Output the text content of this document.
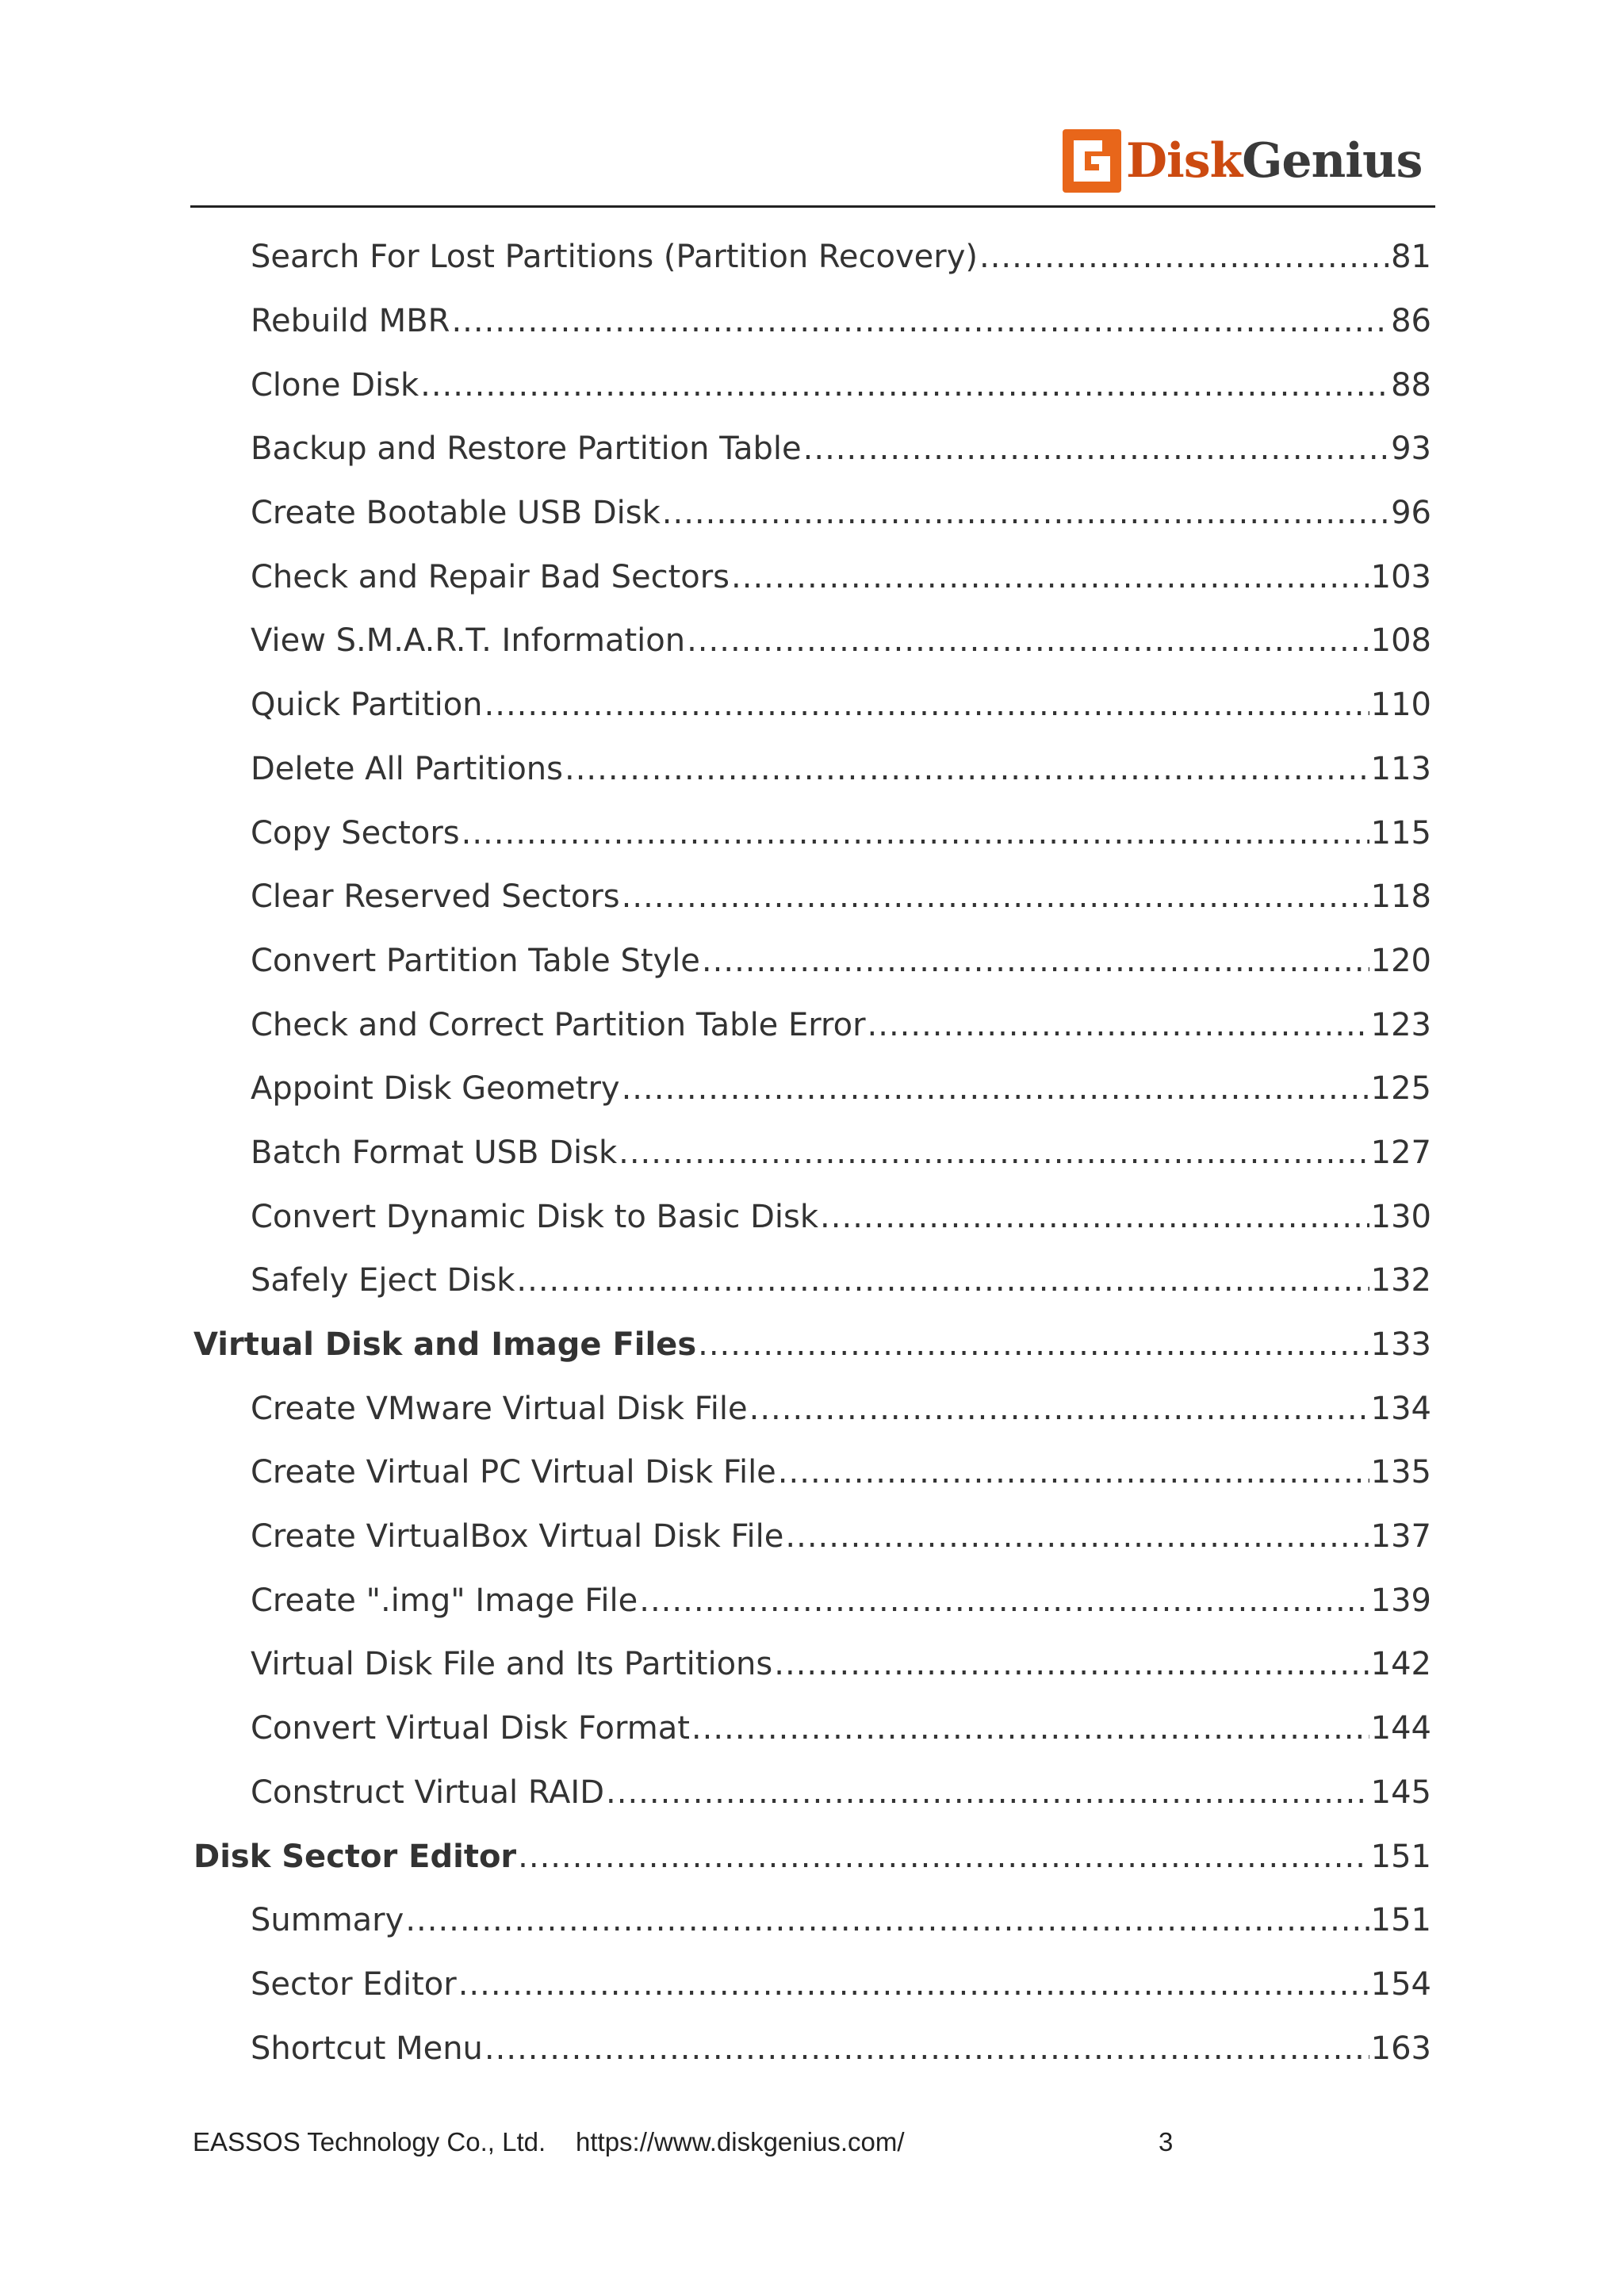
DiskGenius
Search For Lost Partitions (Partition Recovery) .....	81
Rebuild MBR .....	86
Clone Disk .....	88
Backup and Restore Partition Table .....	93
Create Bootable USB Disk .....	96
Check and Repair Bad Sectors .....	103
View S.M.A.R.T. Information .....	108
Quick Partition .....	110
Delete All Partitions .....	113
Copy Sectors .....	115
Clear Reserved Sectors .....	118
Convert Partition Table Style .....	120
Check and Correct Partition Table Error .....	123
Appoint Disk Geometry .....	125
Batch Format USB Disk .....	127
Convert Dynamic Disk to Basic Disk .....	130
Safely Eject Disk .....	132
Virtual Disk and Image Files .....	133
Create VMware Virtual Disk File .....	134
Create Virtual PC Virtual Disk File .....	135
Create VirtualBox Virtual Disk File .....	137
Create ".img" Image File .....	139
Virtual Disk File and Its Partitions .....	142
Convert Virtual Disk Format .....	144
Construct Virtual RAID .....	145
Disk Sector Editor .....	151
Summary .....	151
Sector Editor .....	154
Shortcut Menu .....	163
EASSOS Technology Co., Ltd. https://www.diskgenius.com/	3
